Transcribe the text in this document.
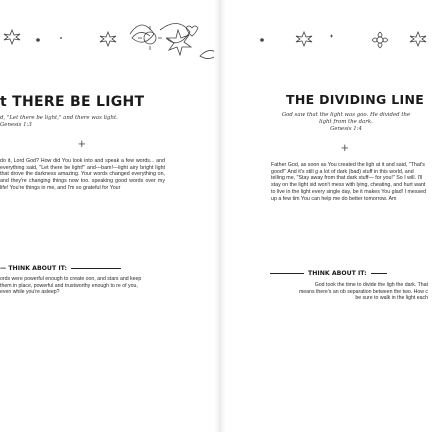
t THERE BE LIGHT
d, "Let there be light," and there was light.
Genesis 1:3
+
do it, Lord God? How did You look into and speak a few words... and everything said, "Let there be light!" and—bam!—light airy bright light that drove the darkness amazing. Your words changed everything on, and they're changing things now too. speaking good words over my life! You're things in me, and I'm so grateful for Your
— THINK ABOUT IT:
ords were powerful enough to create oon, and stars and keep them in place, powerful and trustworthy enough to re of you, even while you're asleep?
THE DIVIDING LINE
God saw that the light was goo. He divided the light from the dark.
Genesis 1:4
+
Father God, as soon as You created the ligh at it and said, "That's good!" And it's still g a lot of dark (bad) stuff in this world, and telling me, "Stay away from that dark stuff— for you!" So I will. I'll stay on the light sid won't mess with lying, cheating, and hurt want to live in the light every single day, be it makes You glad! I messed up a few tim You can help me do better tomorrow. Am
THINK ABOUT IT:
God took the time to divide the ligh the dark. That means there's an ob separation between the two. How c be sure to walk in the light each
